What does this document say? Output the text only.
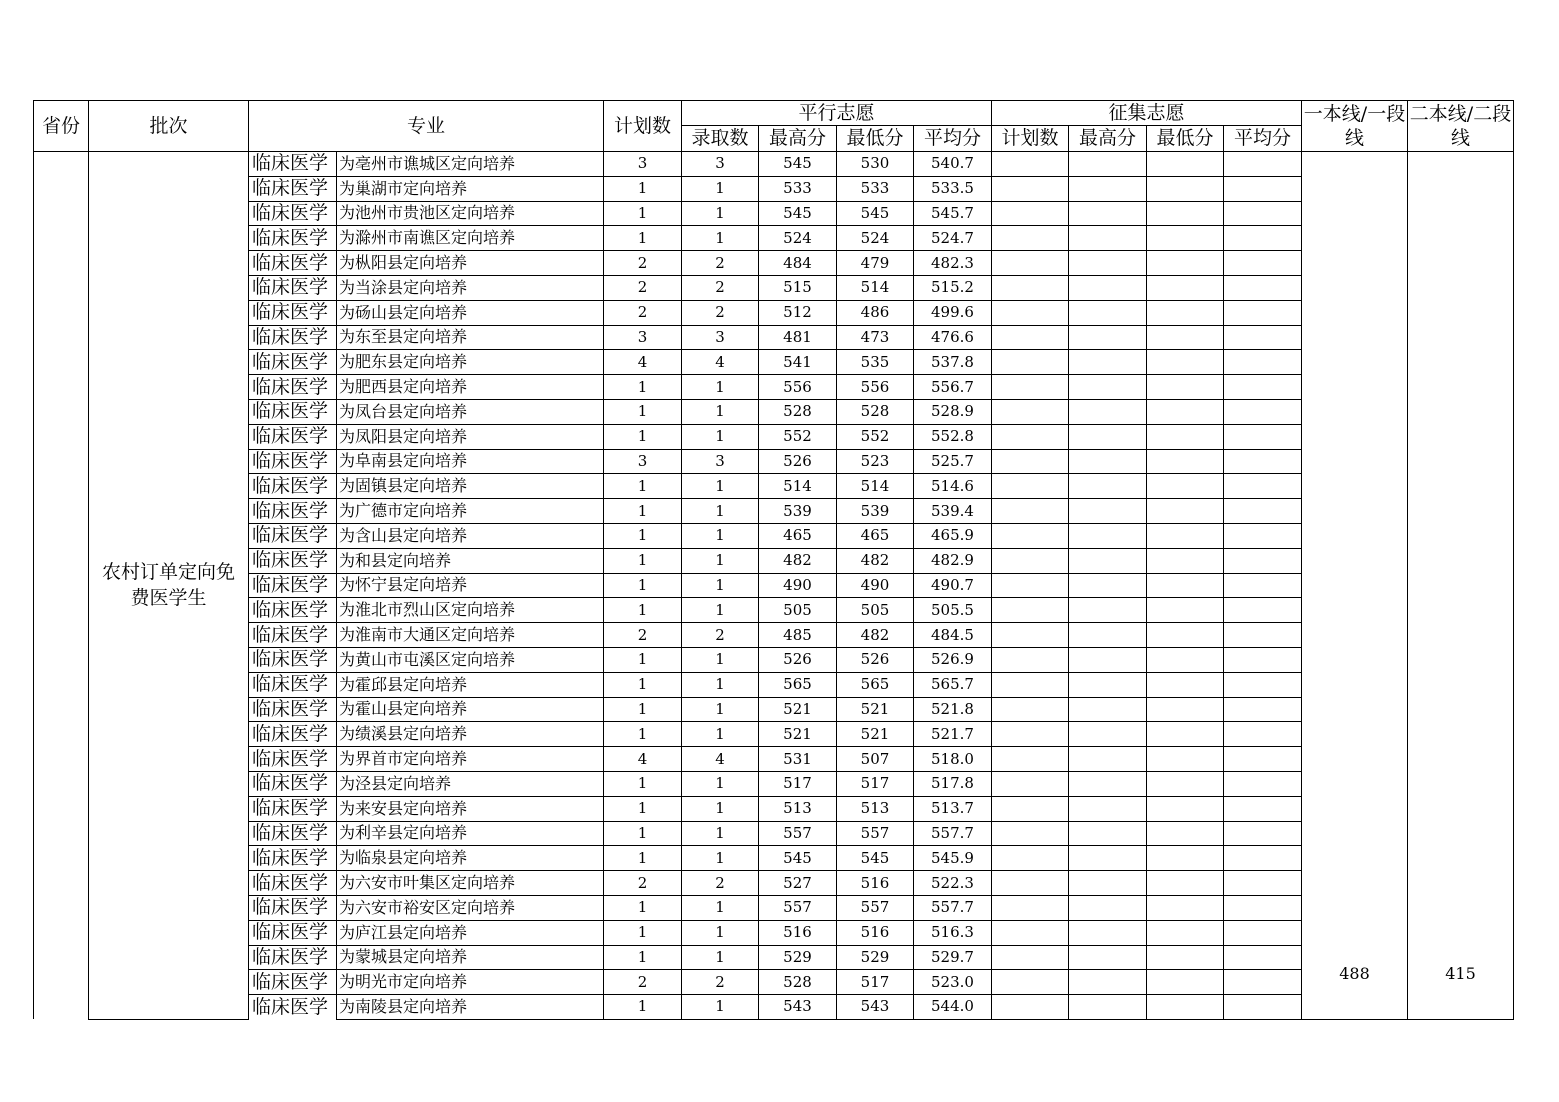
省份	批次	专业		计划数	平行志愿				征集志愿				一本线/一段线	二本线/二段线
					录取数	最高分	最低分	平均分	计划数	最高分	最低分	平均分		
	农村订单定向免费医学生	临床医学	为亳州市谯城区定向培养	3	3	545	530	540.7					488	415
		临床医学	为巢湖市定向培养	1	1	533	533	533.5						
		临床医学	为池州市贵池区定向培养	1	1	545	545	545.7						
		临床医学	为滁州市南谯区定向培养	1	1	524	524	524.7						
		临床医学	为枞阳县定向培养	2	2	484	479	482.3						
		临床医学	为当涂县定向培养	2	2	515	514	515.2						
		临床医学	为砀山县定向培养	2	2	512	486	499.6						
		临床医学	为东至县定向培养	3	3	481	473	476.6						
		临床医学	为肥东县定向培养	4	4	541	535	537.8						
		临床医学	为肥西县定向培养	1	1	556	556	556.7						
		临床医学	为凤台县定向培养	1	1	528	528	528.9						
		临床医学	为凤阳县定向培养	1	1	552	552	552.8						
		临床医学	为阜南县定向培养	3	3	526	523	525.7						
		临床医学	为固镇县定向培养	1	1	514	514	514.6						
		临床医学	为广德市定向培养	1	1	539	539	539.4						
		临床医学	为含山县定向培养	1	1	465	465	465.9						
		临床医学	为和县定向培养	1	1	482	482	482.9						
		临床医学	为怀宁县定向培养	1	1	490	490	490.7						
		临床医学	为淮北市烈山区定向培养	1	1	505	505	505.5						
		临床医学	为淮南市大通区定向培养	2	2	485	482	484.5						
		临床医学	为黄山市屯溪区定向培养	1	1	526	526	526.9						
		临床医学	为霍邱县定向培养	1	1	565	565	565.7						
		临床医学	为霍山县定向培养	1	1	521	521	521.8						
		临床医学	为绩溪县定向培养	1	1	521	521	521.7						
		临床医学	为界首市定向培养	4	4	531	507	518.0						
		临床医学	为泾县定向培养	1	1	517	517	517.8						
		临床医学	为来安县定向培养	1	1	513	513	513.7						
		临床医学	为利辛县定向培养	1	1	557	557	557.7						
		临床医学	为临泉县定向培养	1	1	545	545	545.9						
		临床医学	为六安市叶集区定向培养	2	2	527	516	522.3						
		临床医学	为六安市裕安区定向培养	1	1	557	557	557.7						
		临床医学	为庐江县定向培养	1	1	516	516	516.3						
		临床医学	为蒙城县定向培养	1	1	529	529	529.7						
		临床医学	为明光市定向培养	2	2	528	517	523.0						
		临床医学	为南陵县定向培养	1	1	543	543	544.0						
